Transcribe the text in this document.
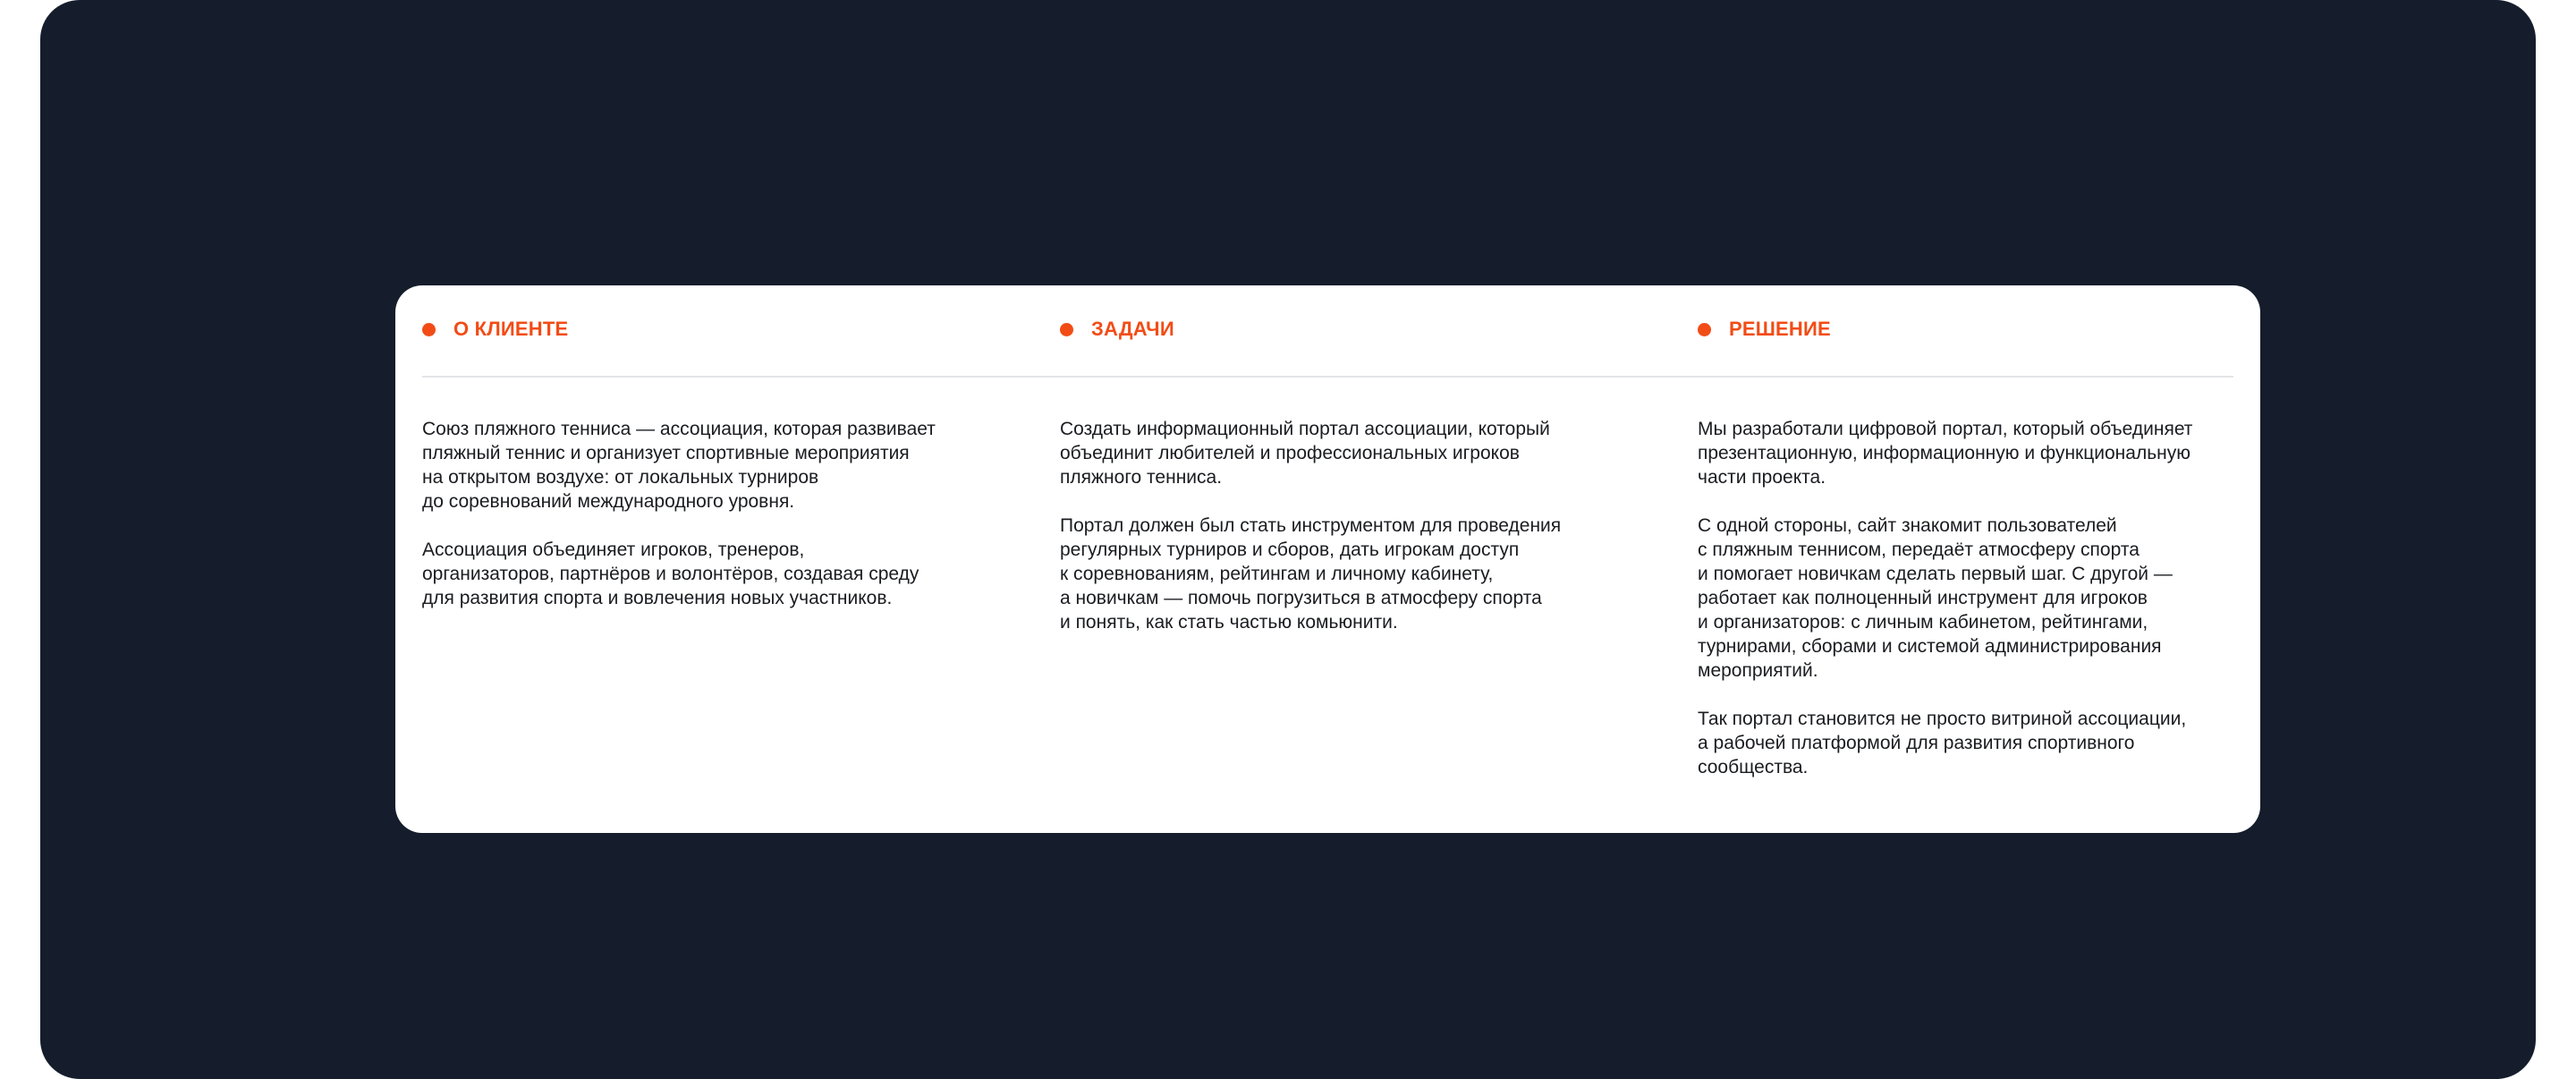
О КЛИЕНТЕ

Союз пляжного тенниса — ассоциация, которая развивает
пляжный теннис и организует спортивные мероприятия
на открытом воздухе: от локальных турниров
до соревнований международного уровня.

Ассоциация объединяет игроков, тренеров,
организаторов, партнёров и волонтёров, создавая среду
для развития спорта и вовлечения новых участников.

ЗАДАЧИ

Создать информационный портал ассоциации, который
объединит любителей и профессиональных игроков
пляжного тенниса.

Портал должен был стать инструментом для проведения
регулярных турниров и сборов, дать игрокам доступ
к соревнованиям, рейтингам и личному кабинету,
а новичкам — помочь погрузиться в атмосферу спорта
и понять, как стать частью комьюнити.

РЕШЕНИЕ

Мы разработали цифровой портал, который объединяет
презентационную, информационную и функциональную
части проекта.

С одной стороны, сайт знакомит пользователей
с пляжным теннисом, передаёт атмосферу спорта
и помогает новичкам сделать первый шаг. С другой —
работает как полноценный инструмент для игроков
и организаторов: с личным кабинетом, рейтингами,
турнирами, сборами и системой администрирования
мероприятий.

Так портал становится не просто витриной ассоциации,
а рабочей платформой для развития спортивного
сообщества.
